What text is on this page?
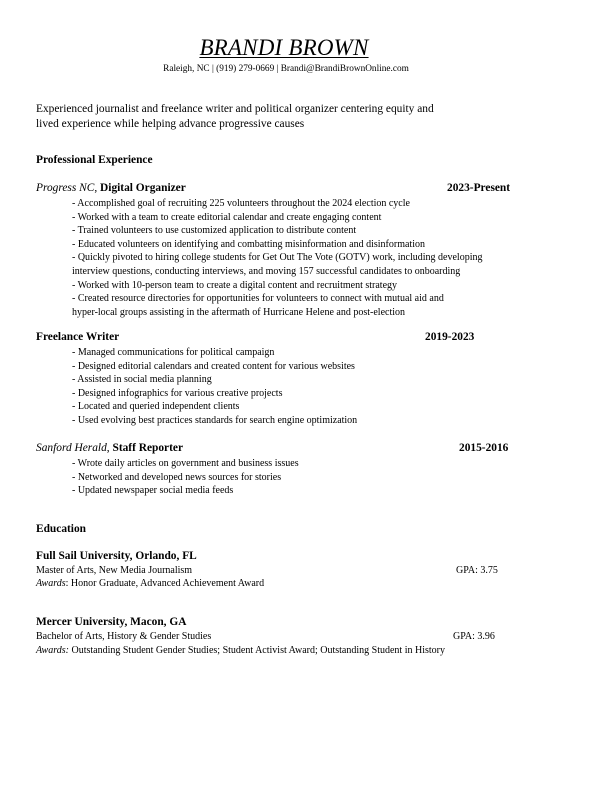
BRANDI BROWN
Raleigh, NC | (919) 279-0669 | Brandi@BrandiBrownOnline.com
Experienced journalist and freelance writer and political organizer centering equity and
lived experience while helping advance progressive causes
Professional Experience
Progress NC, Digital Organizer	2023-Present
- Accomplished goal of recruiting 225 volunteers throughout the 2024 election cycle
- Worked with a team to create editorial calendar and create engaging content
- Trained volunteers to use customized application to distribute content
- Educated volunteers on identifying and combatting misinformation and disinformation
- Quickly pivoted to hiring college students for Get Out The Vote (GOTV) work, including developing
interview questions, conducting interviews, and moving 157 successful candidates to onboarding
- Worked with 10-person team to create a digital content and recruitment strategy
- Created resource directories for opportunities for volunteers to connect with mutual aid and
hyper-local groups assisting in the aftermath of Hurricane Helene and post-election
Freelance Writer	2019-2023
- Managed communications for political campaign
- Designed editorial calendars and created content for various websites
- Assisted in social media planning
- Designed infographics for various creative projects
- Located and queried independent clients
- Used evolving best practices standards for search engine optimization
Sanford Herald, Staff Reporter	2015-2016
- Wrote daily articles on government and business issues
- Networked and developed news sources for stories
- Updated newspaper social media feeds
Education
Full Sail University, Orlando, FL
Master of Arts, New Media Journalism	GPA: 3.75
Awards: Honor Graduate, Advanced Achievement Award
Mercer University, Macon, GA
Bachelor of Arts, History & Gender Studies	GPA: 3.96
Awards: Outstanding Student Gender Studies; Student Activist Award; Outstanding Student in History
